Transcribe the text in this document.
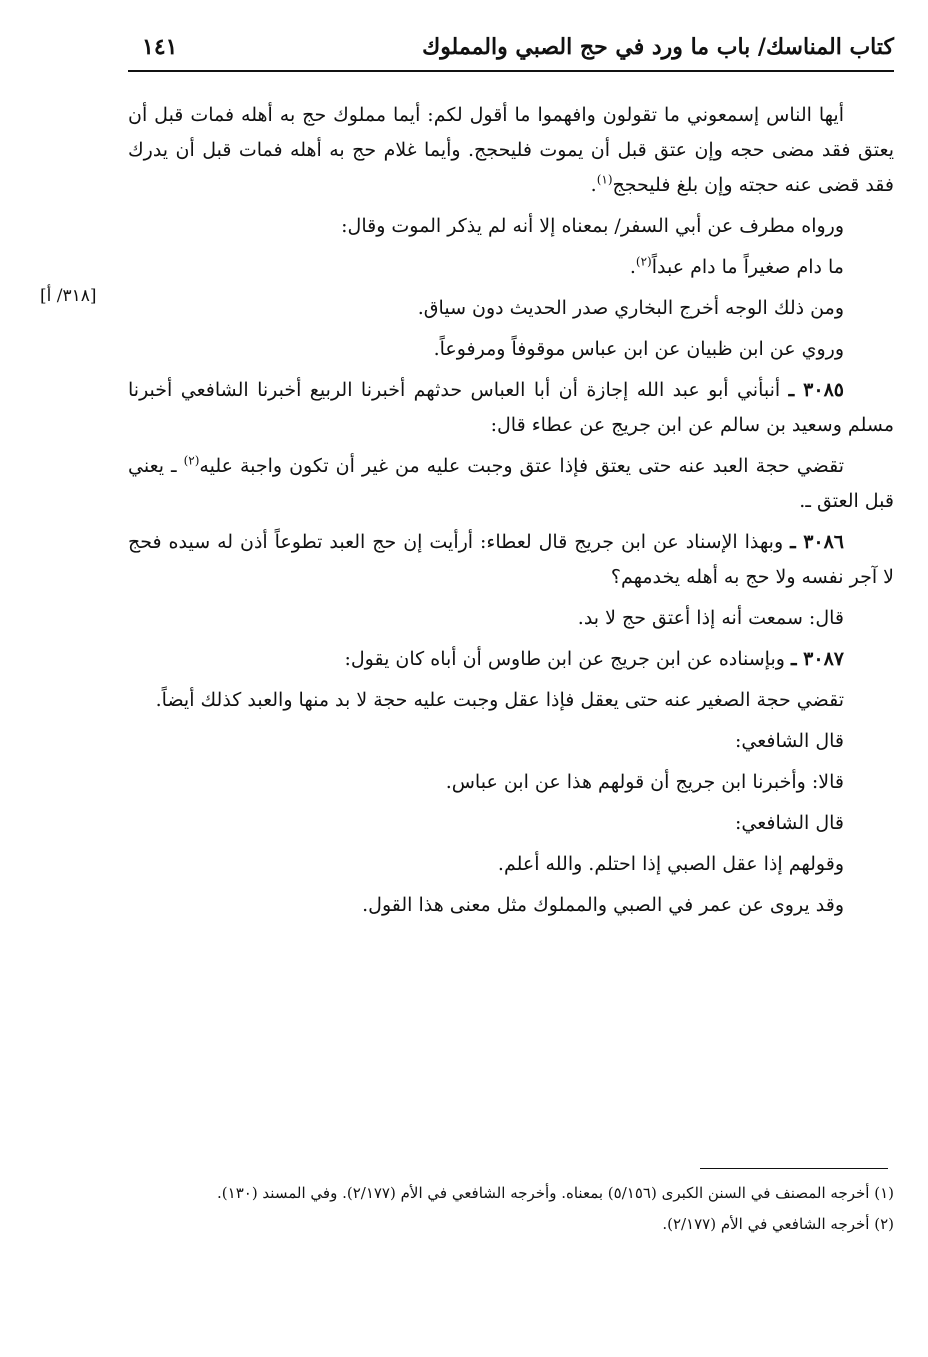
كتاب المناسك/ باب ما ورد في حج الصبي والمملوك
١٤١
[٣١٨/ أ]

أيها الناس إسمعوني ما تقولون وافهموا ما أقول لكم: أيما مملوك حج به أهله فمات قبل أن يعتق فقد مضى حجه وإن عتق قبل أن يموت فليحجج. وأيما غلام حج به أهله فمات قبل أن يدرك فقد قضى عنه حجته وإن بلغ فليحجج$^{(١)}$.

ورواه مطرف عن أبي السفر/ بمعناه إلا أنه لم يذكر الموت وقال:

ما دام صغيراً ما دام عبداً$^{(٢)}$.

ومن ذلك الوجه أخرج البخاري صدر الحديث دون سياق.

وروي عن ابن ظبيان عن ابن عباس موقوفاً ومرفوعاً.

٣٠٨٥ ـ أنبأني أبو عبد الله إجازة أن أبا العباس حدثهم أخبرنا الربيع أخبرنا الشافعي أخبرنا مسلم وسعيد بن سالم عن ابن جريج عن عطاء قال:

تقضي حجة العبد عنه حتى يعتق فإذا عتق وجبت عليه من غير أن تكون واجبة عليه$^{(٢)}$ ـ يعني قبل العتق ـ.

٣٠٨٦ ـ وبهذا الإسناد عن ابن جريج قال لعطاء: أرأيت إن حج العبد تطوعاً أذن له سيده فحج لا آجر نفسه ولا حج به أهله يخدمهم؟

قال: سمعت أنه إذا أعتق حج لا بد.

٣٠٨٧ ـ وبإسناده عن ابن جريج عن ابن طاوس أن أباه كان يقول:

تقضي حجة الصغير عنه حتى يعقل فإذا عقل وجبت عليه حجة لا بد منها والعبد كذلك أيضاً.

قال الشافعي:

قالا: وأخبرنا ابن جريج أن قولهم هذا عن ابن عباس.

قال الشافعي:

وقولهم إذا عقل الصبي إذا احتلم. والله أعلم.

وقد يروى عن عمر في الصبي والمملوك مثل معنى هذا القول.

(١) أخرجه المصنف في السنن الكبرى (٥/١٥٦) بمعناه. وأخرجه الشافعي في الأم (٢/١٧٧). وفي المسند (١٣٠).

(٢) أخرجه الشافعي في الأم (٢/١٧٧).
